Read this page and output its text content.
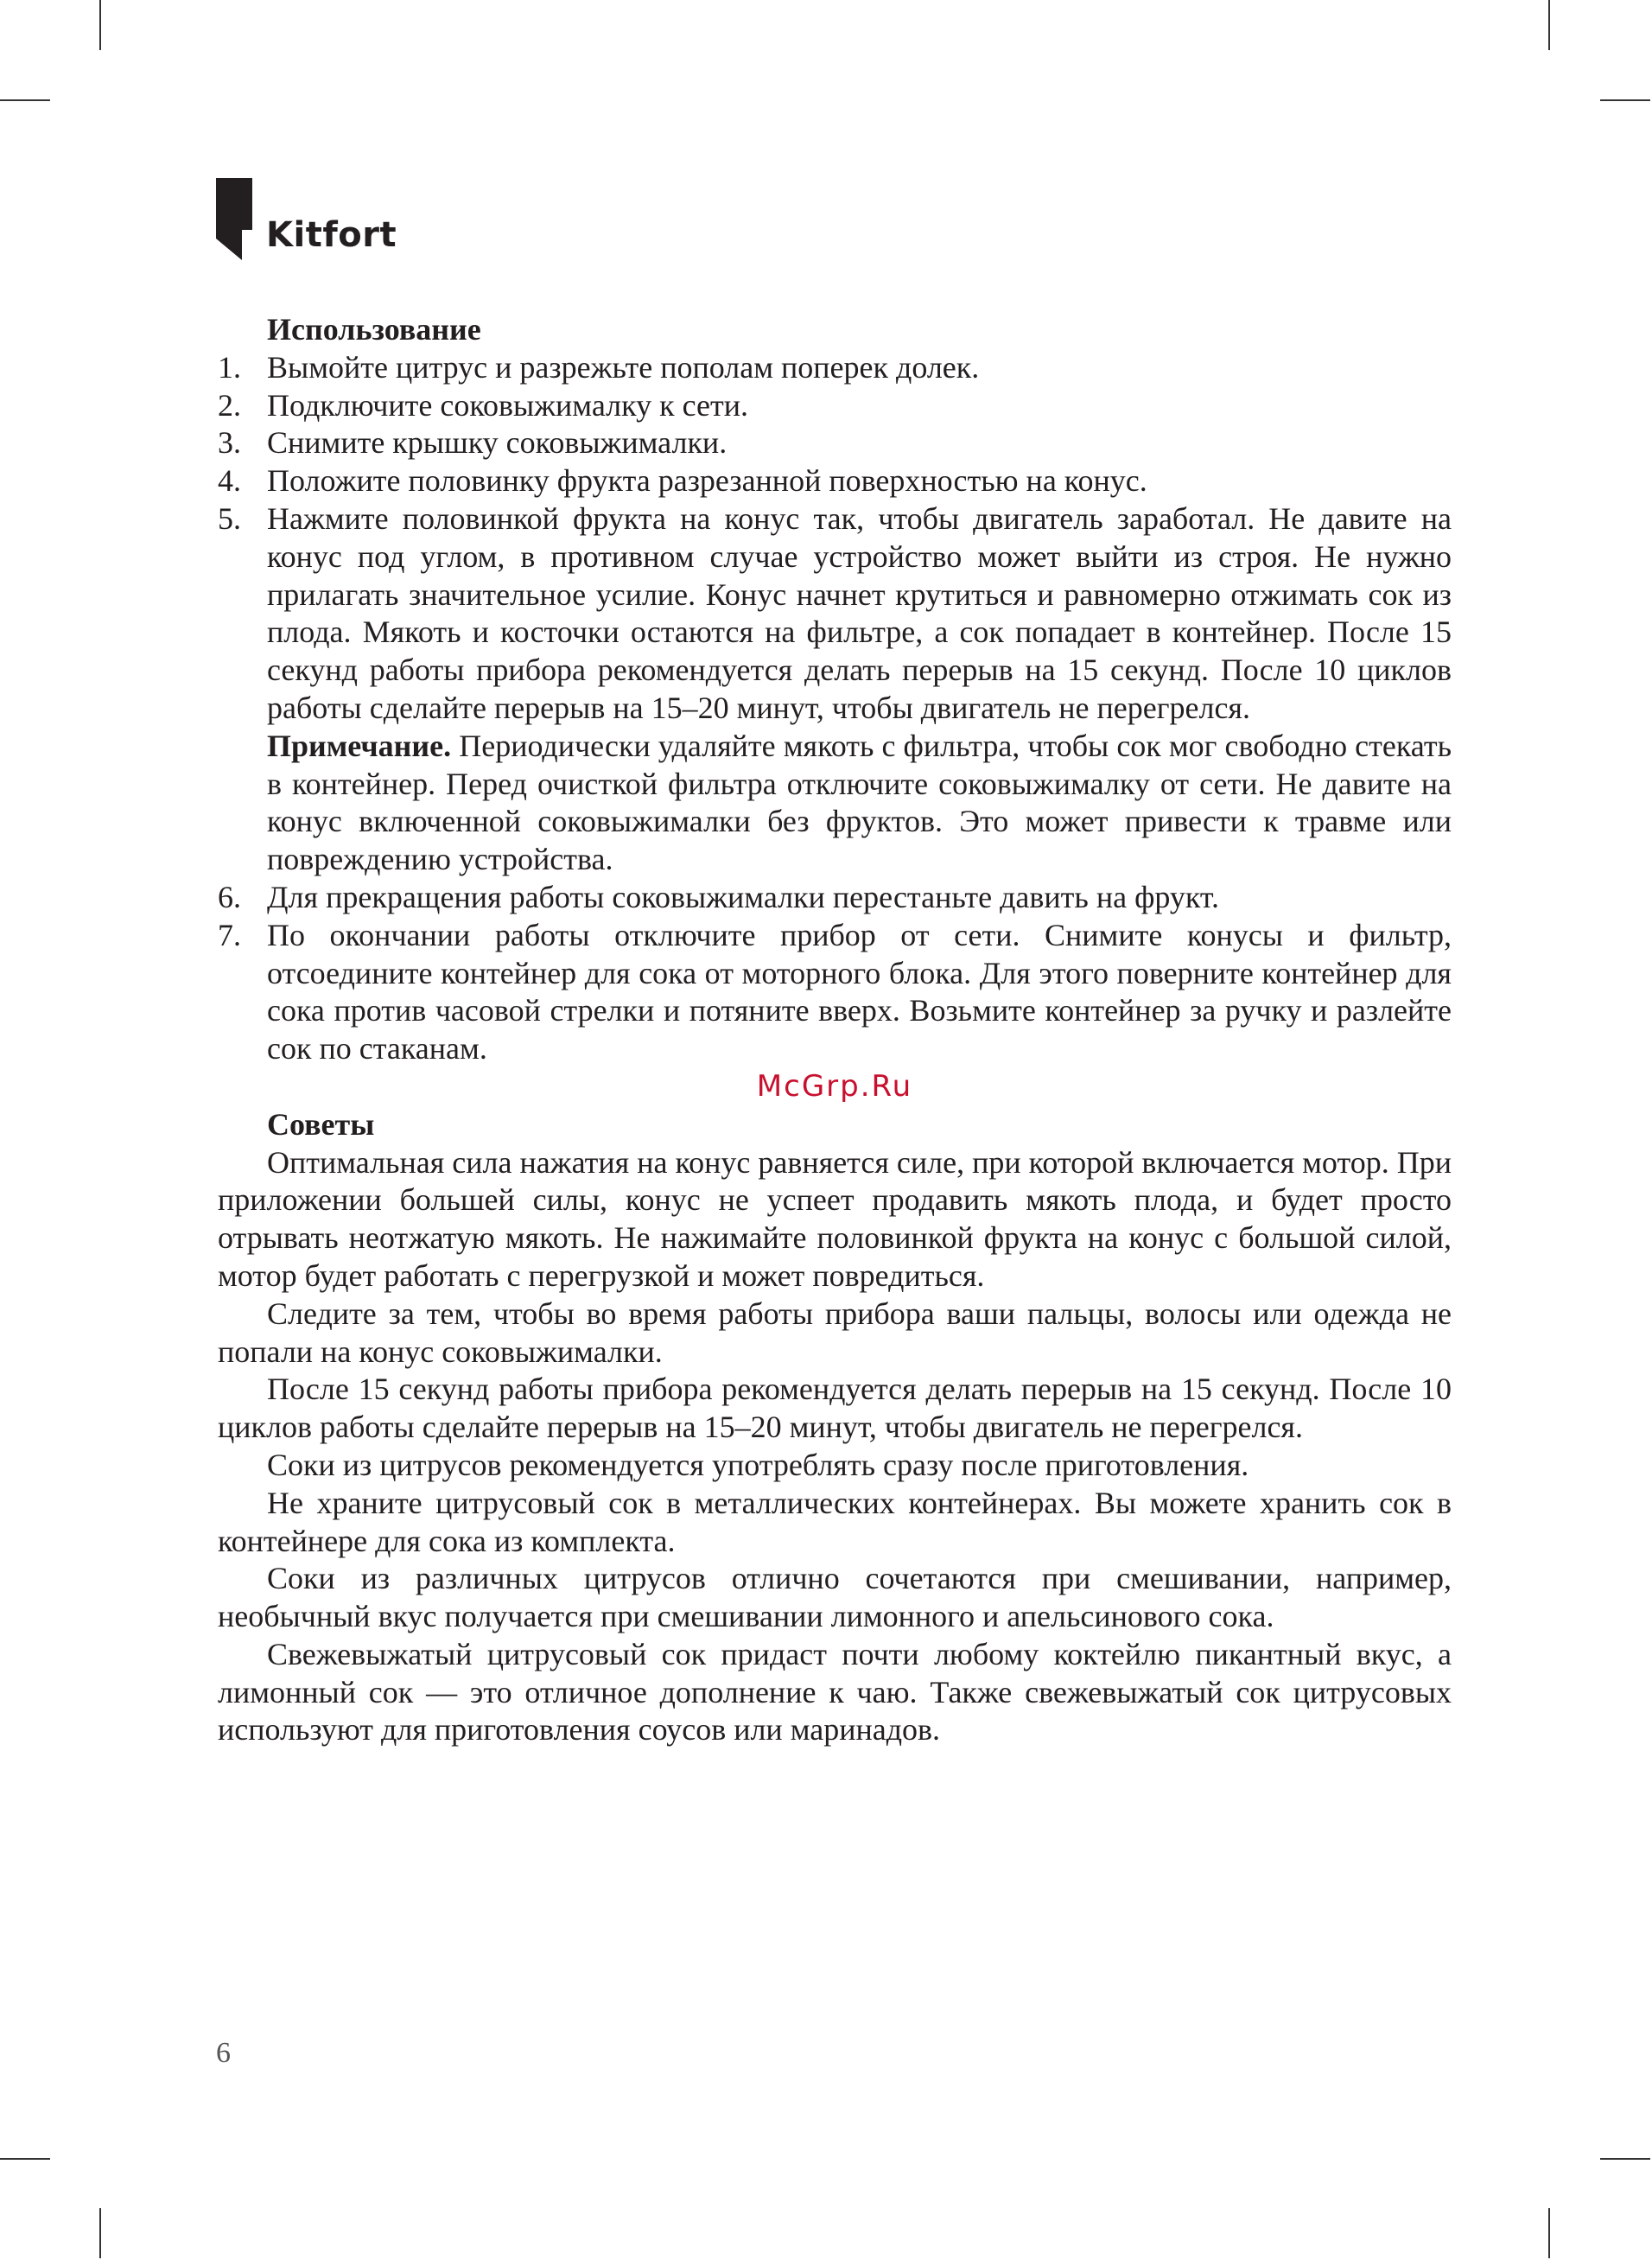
Kitfort
Использование
1. Вымойте цитрус и разрежьте пополам поперек долек.
2. Подключите соковыжималку к сети.
3. Снимите крышку соковыжималки.
4. Положите половинку фрукта разрезанной поверхностью на конус.
5. Нажмите половинкой фрукта на конус так, чтобы двигатель заработал. Не давите на конус под углом, в противном случае устройство может выйти из строя. Не нужно прилагать значительное усилие. Конус начнет крутиться и равномерно отжимать сок из плода. Мякоть и косточки остаются на фильтре, а сок попадает в контейнер. После 15 секунд работы прибора рекомендуется делать перерыв на 15 секунд. После 10 циклов работы сделайте перерыв на 15–20 минут, чтобы двигатель не перегрелся.
Примечание. Периодически удаляйте мякоть с фильтра, чтобы сок мог свободно стекать в контейнер. Перед очисткой фильтра отключите соковыжималку от сети. Не давите на конус включенной соковыжималки без фруктов. Это может привести к травме или повреждению устройства.
6. Для прекращения работы соковыжималки перестаньте давить на фрукт.
7. По окончании работы отключите прибор от сети. Снимите конусы и фильтр, отсоедините контейнер для сока от моторного блока. Для этого поверните контейнер для сока против часовой стрелки и потяните вверх. Возьмите контейнер за ручку и разлейте сок по стаканам.
McGrp.Ru
Советы

Оптимальная сила нажатия на конус равняется силе, при которой включается мотор. При приложении большей силы, конус не успеет продавить мякоть плода, и будет просто отрывать неотжатую мякоть. Не нажимайте половинкой фрукта на конус с большой силой, мотор будет работать с перегрузкой и может повредиться.

Следите за тем, чтобы во время работы прибора ваши пальцы, волосы или одежда не попали на конус соковыжималки.

После 15 секунд работы прибора рекомендуется делать перерыв на 15 секунд. После 10 циклов работы сделайте перерыв на 15–20 минут, чтобы двигатель не перегрелся.

Соки из цитрусов рекомендуется употреблять сразу после приготовления.

Не храните цитрусовый сок в металлических контейнерах. Вы можете хранить сок в контейнере для сока из комплекта.

Соки из различных цитрусов отлично сочетаются при смешивании, например, необычный вкус получается при смешивании лимонного и апельсинового сока.

Свежевыжатый цитрусовый сок придаст почти любому коктейлю пикантный вкус, а лимонный сок — это отличное дополнение к чаю. Также свежевыжатый сок цитрусовых используют для приготовления соусов или маринадов.

6
